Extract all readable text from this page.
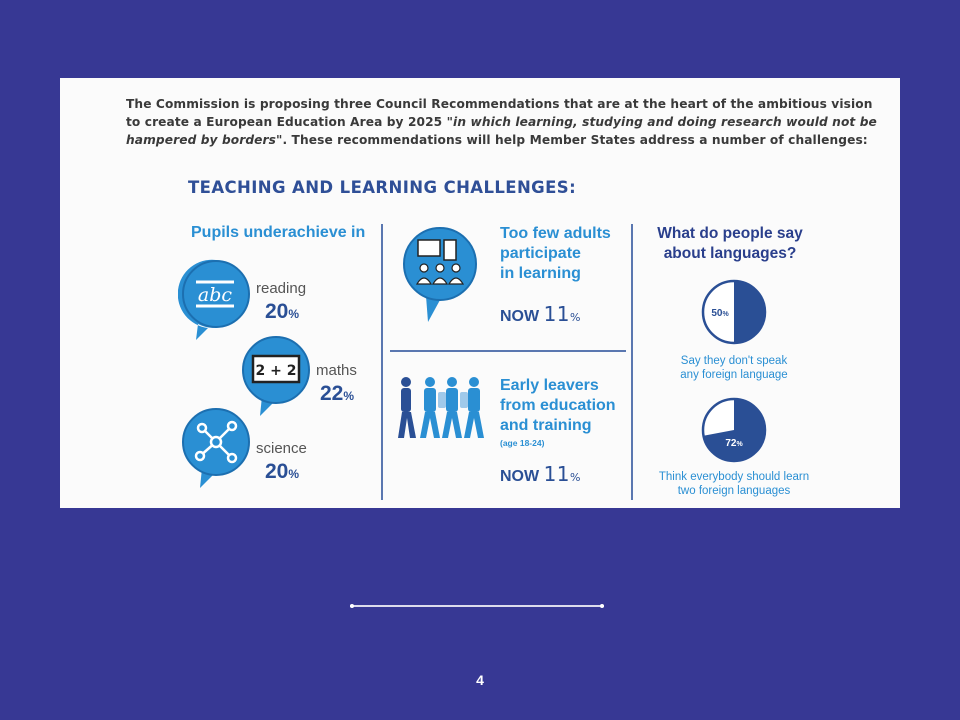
The Commission is proposing three Council Recommendations that are at the heart of the ambitious vision
to create a European Education Area by 2025 "in which learning, studying and doing research would not be
hampered by borders". These recommendations will help Member States address a number of challenges:
TEACHING AND LEARNING CHALLENGES:
Pupils underachieve in
abc reading
20%
2 + 2 maths
22%
science
20%
Too few adults
participate
in learning
NOW 11%
Early leavers
from education
and training
(age 18-24)
NOW 11%
What do people say
about languages?
50%
Say they don't speak
any foreign language
72%
Think everybody should learn
two foreign languages
4
